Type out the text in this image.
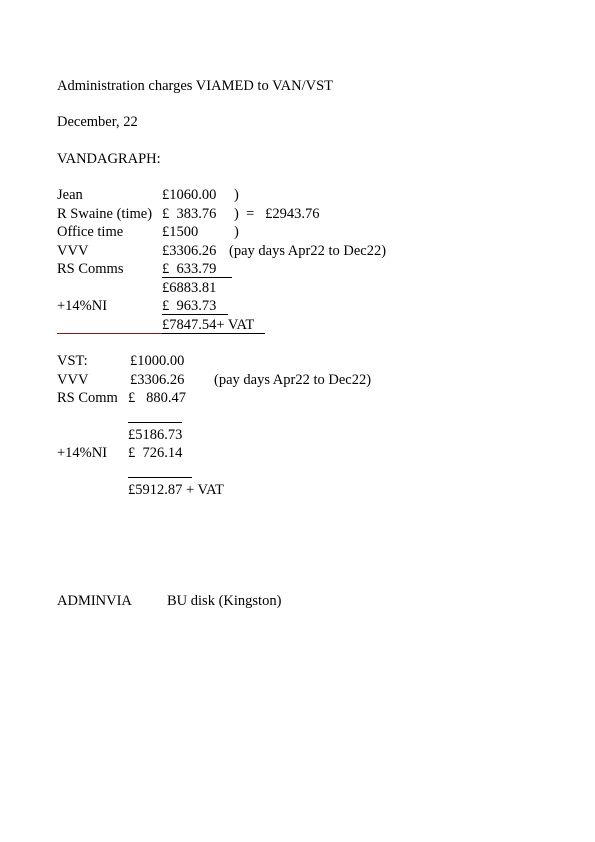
Administration charges VIAMED to VAN/VST
December, 22
VANDAGRAPH:
Jean	£1060.00 )
R Swaine (time) £  383.76 )  =   £2943.76
Office time	£1500 )
VVV	£3306.26 (pay days Apr22 to Dec22)
RS Comms	£  633.79
£6883.81
+14%NI	£  963.73
£7847.54+ VAT
VST:	£1000.00
VVV	£3306.26 (pay days Apr22 to Dec22)
RS Comm £   880.47
£5186.73
+14%NI £  726.14
£5912.87 + VAT
ADMINVIA BU disk (Kingston)
